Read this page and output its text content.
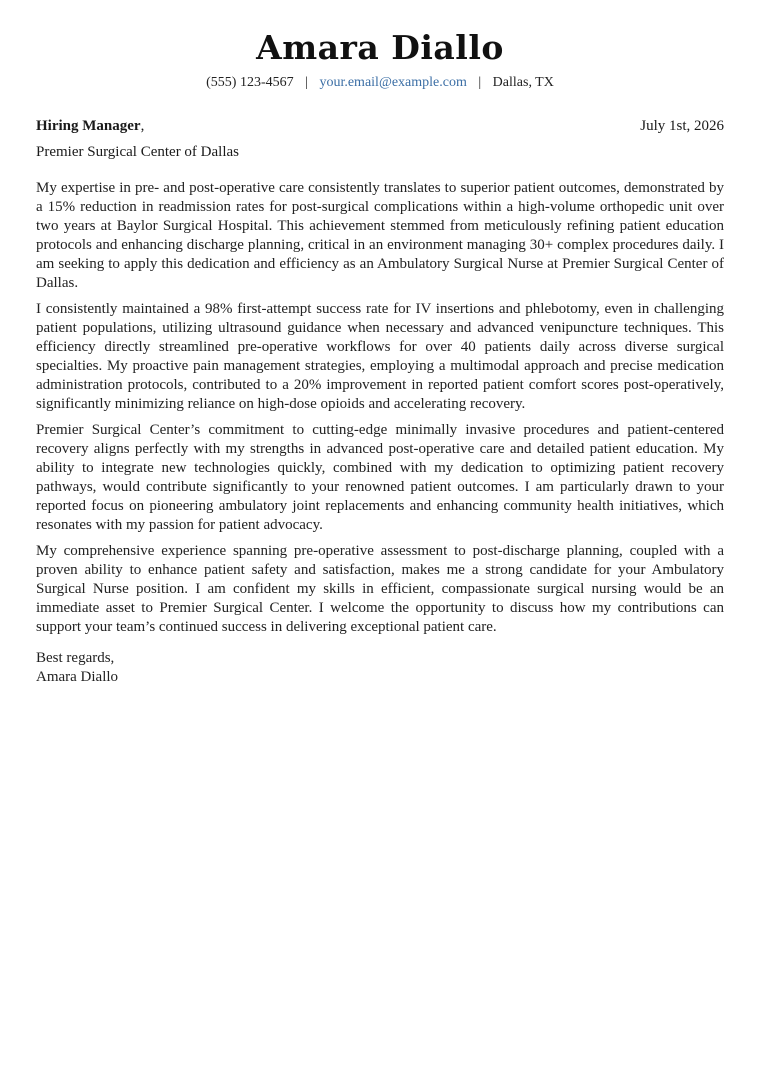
Amara Diallo
(555) 123-4567 | your.email@example.com | Dallas, TX
Hiring Manager,	July 1st, 2026
Premier Surgical Center of Dallas

My expertise in pre- and post-operative care consistently translates to superior patient outcomes, demonstrated by a 15% reduction in readmission rates for post-surgical complications within a high-volume orthopedic unit over two years at Baylor Surgical Hospital. This achievement stemmed from meticulously refining patient education protocols and enhancing discharge planning, critical in an environment managing 30+ complex procedures daily. I am seeking to apply this dedication and efficiency as an Ambulatory Surgical Nurse at Premier Surgical Center of Dallas.

I consistently maintained a 98% first-attempt success rate for IV insertions and phlebotomy, even in challenging patient populations, utilizing ultrasound guidance when necessary and advanced venipuncture techniques. This efficiency directly streamlined pre-operative workflows for over 40 patients daily across diverse surgical specialties. My proactive pain management strategies, employing a multimodal approach and precise medication administration protocols, contributed to a 20% improvement in reported patient comfort scores post-operatively, significantly minimizing reliance on high-dose opioids and accelerating recovery.

Premier Surgical Center’s commitment to cutting-edge minimally invasive procedures and patient-centered recovery aligns perfectly with my strengths in advanced post-operative care and detailed patient education. My ability to integrate new technologies quickly, combined with my dedication to optimizing patient recovery pathways, would contribute significantly to your renowned patient outcomes. I am particularly drawn to your reported focus on pioneering ambulatory joint replacements and enhancing community health initiatives, which resonates with my passion for patient advocacy.

My comprehensive experience spanning pre-operative assessment to post-discharge planning, coupled with a proven ability to enhance patient safety and satisfaction, makes me a strong candidate for your Ambulatory Surgical Nurse position. I am confident my skills in efficient, compassionate surgical nursing would be an immediate asset to Premier Surgical Center. I welcome the opportunity to discuss how my contributions can support your team’s continued success in delivering exceptional patient care.

Best regards,
Amara Diallo
